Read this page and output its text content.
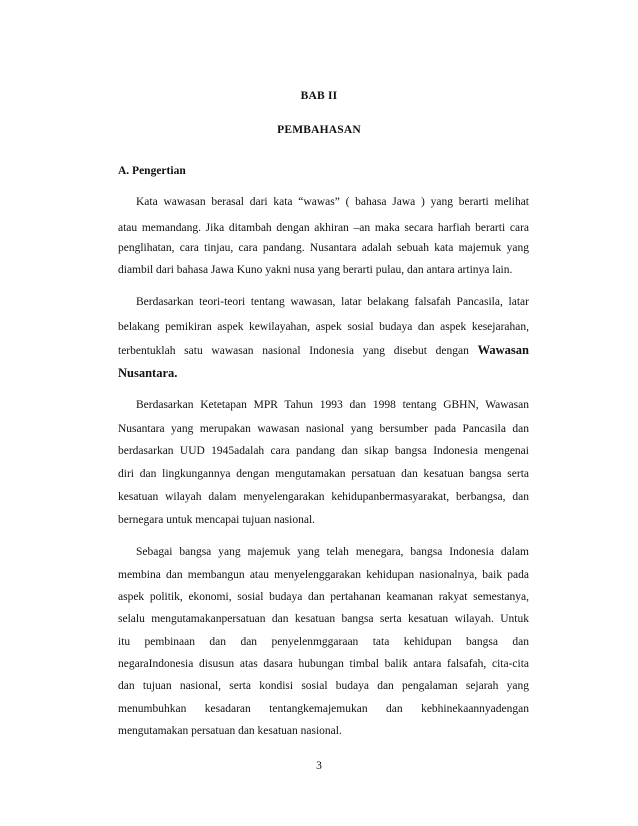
BAB II
PEMBAHASAN
A. Pengertian
Kata wawasan berasal dari kata “wawas” ( bahasa Jawa ) yang berarti melihat
atau memandang. Jika ditambah dengan akhiran –an maka secara harfiah berarti cara
penglihatan, cara tinjau, cara pandang. Nusantara adalah sebuah kata majemuk yang
diambil dari bahasa Jawa Kuno yakni nusa yang berarti pulau, dan antara artinya lain.
Berdasarkan teori-teori tentang wawasan, latar belakang falsafah Pancasila, latar
belakang pemikiran aspek kewilayahan, aspek sosial budaya dan aspek kesejarahan,
terbentuklah satu wawasan nasional Indonesia yang disebut dengan Wawasan
Nusantara.
Berdasarkan Ketetapan MPR Tahun 1993 dan 1998 tentang GBHN, Wawasan
Nusantara yang merupakan wawasan nasional yang bersumber pada Pancasila dan
berdasarkan UUD 1945adalah cara pandang dan sikap bangsa Indonesia mengenai
diri dan lingkungannya dengan mengutamakan persatuan dan kesatuan bangsa serta
kesatuan wilayah dalam menyelengarakan kehidupanbermasyarakat, berbangsa, dan
bernegara untuk mencapai tujuan nasional.
Sebagai bangsa yang majemuk yang telah menegara, bangsa Indonesia dalam
membina dan membangun atau menyelenggarakan kehidupan nasionalnya, baik pada
aspek politik, ekonomi, sosial budaya dan pertahanan keamanan rakyat semestanya,
selalu mengutamakanpersatuan dan kesatuan bangsa serta kesatuan wilayah. Untuk
itu pembinaan dan dan penyelenmggaraan tata kehidupan bangsa dan
negaraIndonesia disusun atas dasara hubungan timbal balik antara falsafah, cita-cita
dan tujuan nasional, serta kondisi sosial budaya dan pengalaman sejarah yang
menumbuhkan kesadaran tentangkemajemukan dan kebhinekaannyadengan
mengutamakan persatuan dan kesatuan nasional.
3
